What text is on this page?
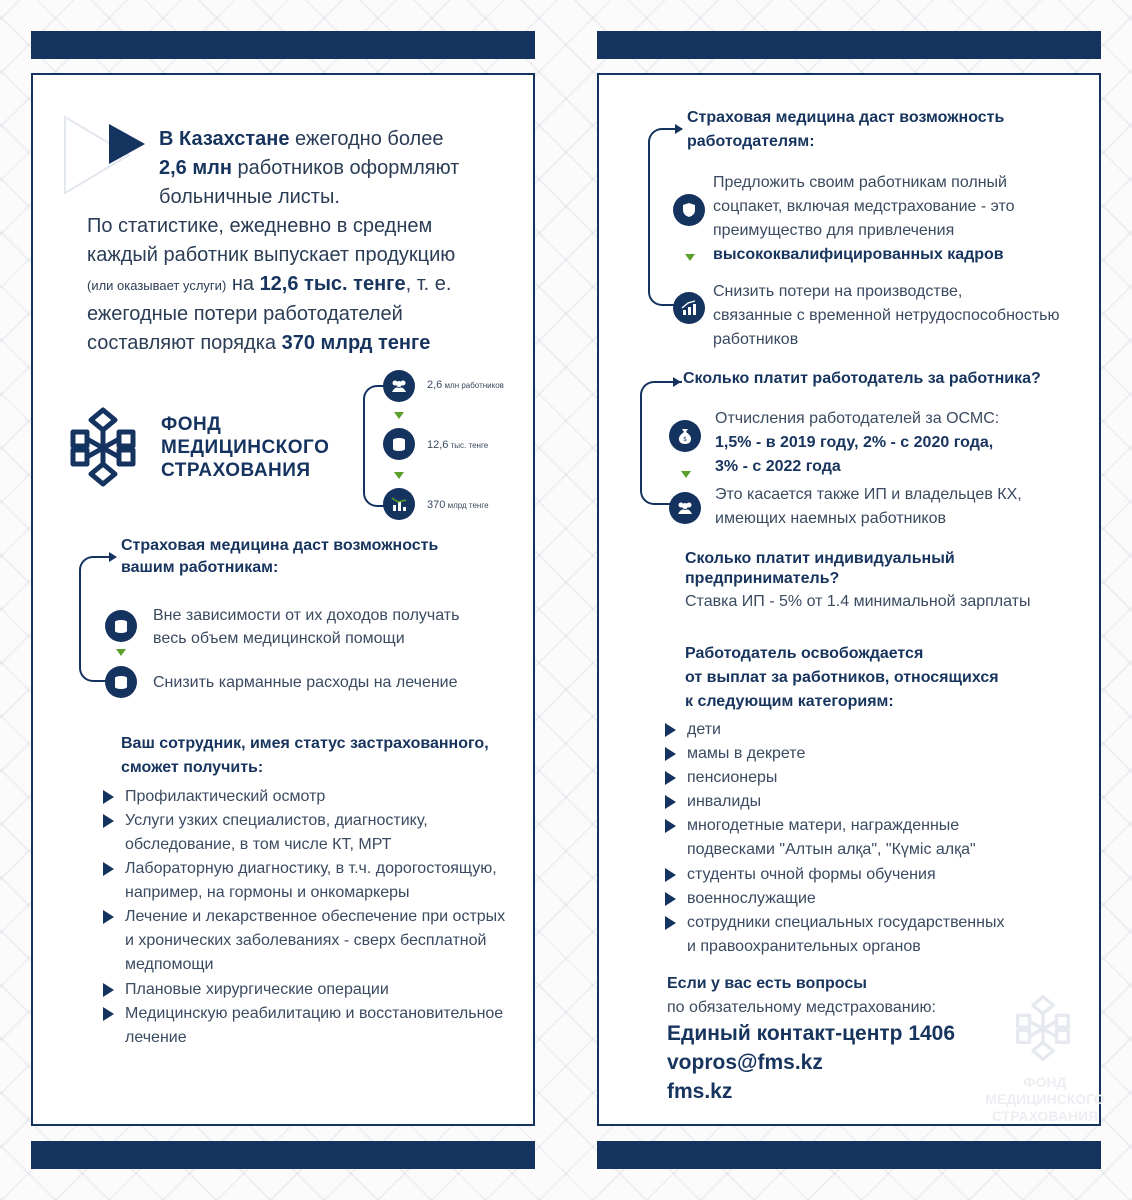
В Казахстане ежегодно более
2,6 млн работников оформляют
больничные листы.
По статистике, ежедневно в среднем
каждый работник выпускает продукцию
(или оказывает услуги) на 12,6 тыс. тенге, т. е.
ежегодные потери работодателей
составляют порядка 370 млрд тенге
ФОНД
МЕДИЦИНСКОГО
СТРАХОВАНИЯ
2,6 млн работников
12,6 тыс. тенге
370 млрд тенге
Страховая медицина даст возможность
вашим работникам:
Вне зависимости от их доходов получать
весь объем медицинской помощи
Снизить карманные расходы на лечение
Ваш сотрудник, имея статус застрахованного,
сможет получить:
Профилактический осмотр
Услуги узких специалистов, диагностику,
обследование, в том числе КТ, МРТ
Лабораторную диагностику, в т.ч. дорогостоящую,
например, на гормоны и онкомаркеры
Лечение и лекарственное обеспечение при острых
и хронических заболеваниях - сверх бесплатной
медпомощи
Плановые хирургические операции
Медицинскую реабилитацию и восстановительное
лечение
Страховая медицина даст возможность
работодателям:
Предложить своим работникам полный
соцпакет, включая медстрахование - это
преимущество для привлечения
высококвалифицированных кадров
Снизить потери на производстве,
связанные с временной нетрудоспособностью
работников
Сколько платит работодатель за работника?
$
Отчисления работодателей за ОСМС:
1,5% - в 2019 году, 2% - с 2020 года,
3% - с 2022 года
Это касается также ИП и владельцев КХ,
имеющих наемных работников
Сколько платит индивидуальный
предприниматель?
Ставка ИП - 5% от 1.4 минимальной зарплаты
Работодатель освобождается
от выплат за работников, относящихся
к следующим категориям:
дети
мамы в декрете
пенсионеры
инвалиды
многодетные матери, награжденные
подвесками "Алтын алқа", "Күміс алқа"
студенты очной формы обучения
военнослужащие
сотрудники специальных государственных
и правоохранительных органов
Если у вас есть вопросы
по обязательному медстрахованию:
Единый контакт-центр 1406
vopros@fms.kz
fms.kz	ФОНД
МЕДИЦИНСКОГО
СТРАХОВАНИЯ
